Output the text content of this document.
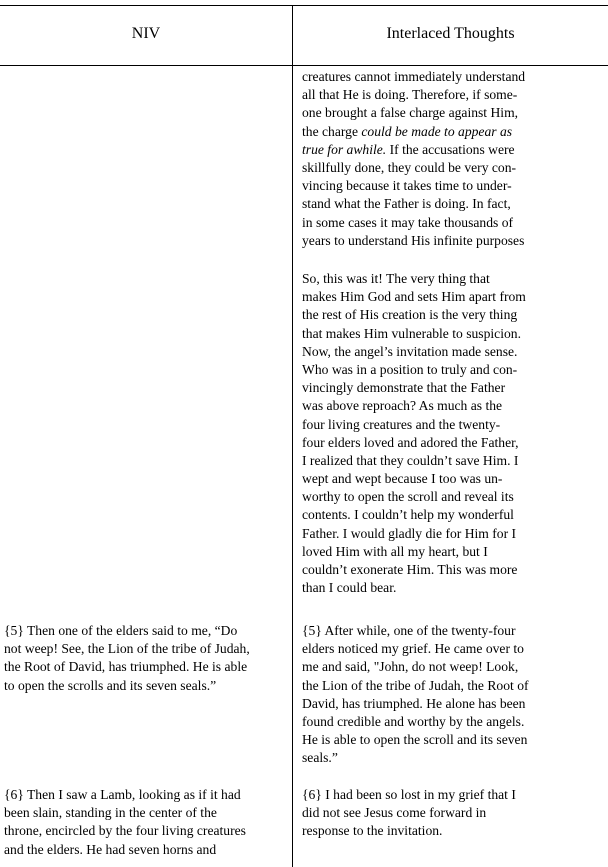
NIV	Interlaced Thoughts
creatures cannot immediately understand
all that He is doing. Therefore, if some-
one brought a false charge against Him,
the charge could be made to appear as
true for awhile. If the accusations were
skillfully done, they could be very con-
vincing because it takes time to under-
stand what the Father is doing. In fact,
in some cases it may take thousands of
years to understand His infinite purposes
So, this was it! The very thing that
makes Him God and sets Him apart from
the rest of His creation is the very thing
that makes Him vulnerable to suspicion.
Now, the angel’s invitation made sense.
Who was in a position to truly and con-
vincingly demonstrate that the Father
was above reproach? As much as the
four living creatures and the twenty-
four elders loved and adored the Father,
I realized that they couldn’t save Him. I
wept and wept because I too was un-
worthy to open the scroll and reveal its
contents. I couldn’t help my wonderful
Father. I would gladly die for Him for I
loved Him with all my heart, but I
couldn’t exonerate Him. This was more
than I could bear.
{5} Then one of the elders said to me, “Do
not weep! See, the Lion of the tribe of Judah,
the Root of David, has triumphed. He is able
to open the scrolls and its seven seals.”
{5} After while, one of the twenty-four
elders noticed my grief. He came over to
me and said, "John, do not weep! Look,
the Lion of the tribe of Judah, the Root of
David, has triumphed. He alone has been
found credible and worthy by the angels.
He is able to open the scroll and its seven
seals.”
{6} Then I saw a Lamb, looking as if it had
been slain, standing in the center of the
throne, encircled by the four living creatures
and the elders. He had seven horns and
{6} I had been so lost in my grief that I
did not see Jesus come forward in
response to the invitation.
